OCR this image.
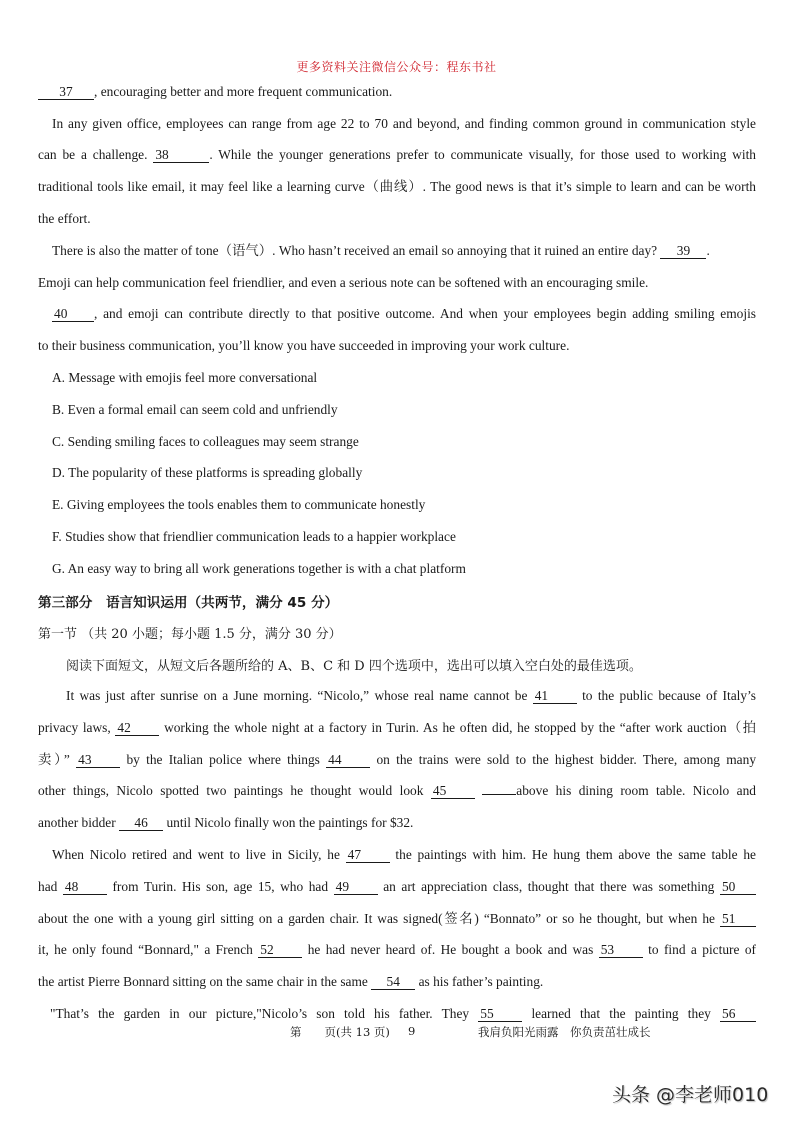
更多资料关注微信公众号：程东书社
37 , encouraging better and more frequent communication.
In any given office, employees can range from age 22 to 70 and beyond, and finding common ground in communication style
can be a challenge. 38	. While the younger generations prefer to communicate visually, for those used to working with
traditional tools like email, it may feel like a learning curve（曲线）. The good news is that it’s simple to learn and can be worth
the effort.
There is also the matter of tone（语气）. Who hasn’t received an email so annoying that it ruined an entire day? 39 .
Emoji can help communication feel friendlier, and even a serious note can be softened with an encouraging smile.
40 , and emoji can contribute directly to that positive outcome. And when your employees begin adding smiling emojis
to their business communication, you’ll know you have succeeded in improving your work culture.
A. Message with emojis feel more conversational
B. Even a formal email can seem cold and unfriendly
C. Sending smiling faces to colleagues may seem strange
D. The popularity of these platforms is spreading globally
E. Giving employees the tools enables them to communicate honestly
F. Studies show that friendlier communication leads to a happier workplace
G. An easy way to bring all work generations together is with a chat platform
第三部分　语言知识运用（共两节，满分 45 分）
第一节 （共 20 小题；每小题 1.5 分，满分 30 分）
阅读下面短文，从短文后各题所给的 A、B、C 和 D 四个选项中，选出可以填入空白处的最佳选项。
It was just after sunrise on a June morning. “Nicolo,” whose real name cannot be 41	to the public because of Italy’s
privacy laws, 42 working the whole night at a factory in Turin. As he often did, he stopped by the “after work auction（拍
卖）” 43	by the Italian police where things 44	on the trains were sold to the highest bidder. There, among many
other things, Nicolo spotted two paintings he thought would look 45	above his dining room table. Nicolo and
another bidder 46 until Nicolo finally won the paintings for $32.
When Nicolo retired and went to live in Sicily, he 47	the paintings with him. He hung them above the same table he
had 48	from Turin. His son, age 15, who had 49	an art appreciation class, thought that there was something 50
about the one with a young girl sitting on a garden chair. It was signed(签名) “Bonnato” or so he thought, but when he 51
it, he only found “Bonnard," a French 52	he had never heard of. He bought a book and was 53	to find a picture of
the artist Pierre Bonnard sitting on the same chair in the same 54 as his father’s painting.
"That’s the garden in our picture,"Nicolo’s son told his father. They 55	learned that the painting they 56
第　　页(共 13 页) 9	我肩负阳光雨露　你负责茁壮成长
头条 @李老师010
